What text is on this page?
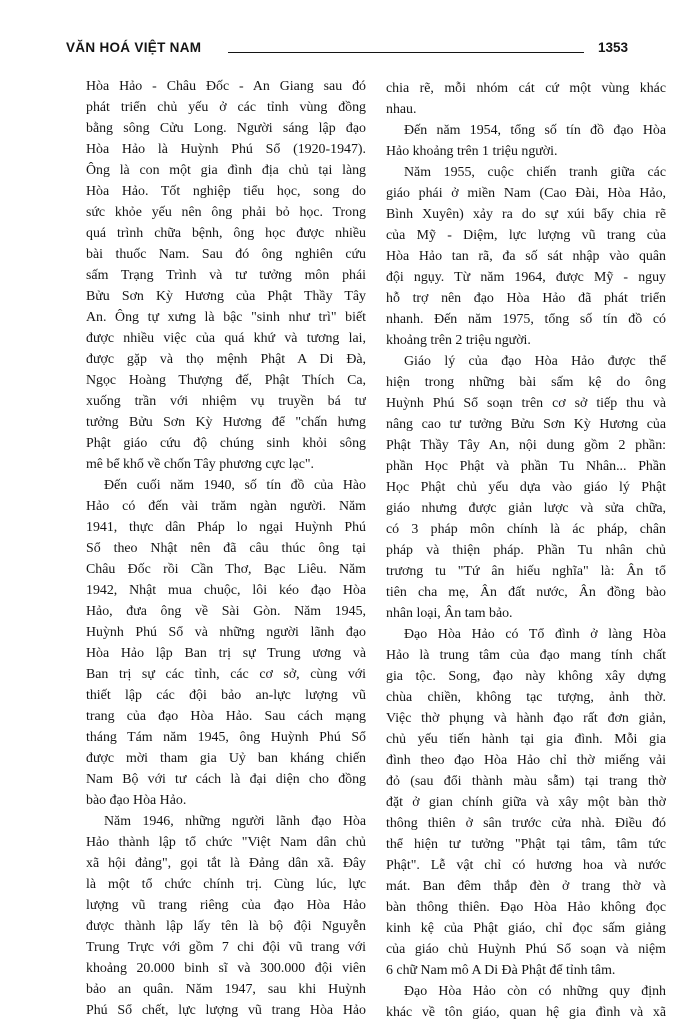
VĂN HOÁ VIỆT NAM	1353
Hòa Hảo - Châu Đốc - An Giang sau đó
phát triển chủ yếu ở các tỉnh vùng đồng
bằng sông Cửu Long. Người sáng lập đạo
Hòa Hảo là Huỳnh Phú Sổ (1920-1947).
Ông là con một gia đình địa chủ tại làng
Hòa Hảo. Tốt nghiệp tiểu học, song do
sức khỏe yếu nên ông phải bỏ học. Trong
quá trình chữa bệnh, ông học được nhiều
bài thuốc Nam. Sau đó ông nghiên cứu
sấm Trạng Trình và tư tưởng môn phái
Bửu Sơn Kỳ Hương của Phật Thầy Tây
An. Ông tự xưng là bậc "sinh như trì" biết
được nhiều việc của quá khứ và tương lai,
được gặp và thọ mệnh Phật A Di Đà,
Ngọc Hoàng Thượng đế, Phật Thích Ca,
xuống trần với nhiệm vụ truyền bá tư
tưởng Bửu Sơn Kỳ Hương để "chấn hưng
Phật giáo cứu độ chúng sinh khỏi sông
mê bể khổ về chốn Tây phương cực lạc".
Đến cuối năm 1940, số tín đồ của Hào
Hảo có đến vài trăm ngàn người. Năm
1941, thực dân Pháp lo ngại Huỳnh Phú
Sổ theo Nhật nên đã câu thúc ông tại
Châu Đốc rồi Cần Thơ, Bạc Liêu. Năm
1942, Nhật mua chuộc, lôi kéo đạo Hòa
Hảo, đưa ông về Sài Gòn. Năm 1945,
Huỳnh Phú Sổ và những người lãnh đạo
Hòa Hảo lập Ban trị sự Trung ương và
Ban trị sự các tỉnh, các cơ sở, cùng với
thiết lập các đội bảo an-lực lượng vũ
trang của đạo Hòa Hảo. Sau cách mạng
tháng Tám năm 1945, ông Huỳnh Phú Sổ
được mời tham gia Uỷ ban kháng chiến
Nam Bộ với tư cách là đại diện cho đồng
bào đạo Hòa Hảo.
Năm 1946, những người lãnh đạo Hòa
Hảo thành lập tổ chức "Việt Nam dân chủ
xã hội đảng", gọi tắt là Đảng dân xã. Đây
là một tổ chức chính trị. Cùng lúc, lực
lượng vũ trang riêng của đạo Hòa Hảo
được thành lập lấy tên là bộ đội Nguyễn
Trung Trực với gồm 7 chi đội vũ trang với
khoảng 20.000 binh sĩ và 300.000 đội viên
bảo an quân. Năm 1947, sau khi Huỳnh
Phú Sổ chết, lực lượng vũ trang Hòa Hảo
chia rẽ, mỗi nhóm cát cứ một vùng khác
nhau.
Đến năm 1954, tổng số tín đồ đạo Hòa
Hảo khoảng trên 1 triệu người.
Năm 1955, cuộc chiến tranh giữa các
giáo phái ở miền Nam (Cao Đài, Hòa Hảo,
Bình Xuyên) xảy ra do sự xúi bẩy chia rẽ
của Mỹ - Diệm, lực lượng vũ trang của
Hòa Hảo tan rã, đa số sát nhập vào quân
đội ngụy. Từ năm 1964, được Mỹ - nguy
hỗ trợ nên đạo Hòa Hảo đã phát triển
nhanh. Đến năm 1975, tổng số tín đồ có
khoảng trên 2 triệu người.
Giáo lý của đạo Hòa Hảo được thể
hiện trong những bài sấm kệ do ông
Huỳnh Phú Sổ soạn trên cơ sở tiếp thu và
nâng cao tư tưởng Bửu Sơn Kỳ Hương của
Phật Thầy Tây An, nội dung gồm 2 phần:
phần Học Phật và phần Tu Nhân... Phần
Học Phật chủ yếu dựa vào giáo lý Phật
giáo nhưng được giản lược và sửa chữa,
có 3 pháp môn chính là ác pháp, chân
pháp và thiện pháp. Phần Tu nhân chủ
trương tu "Tứ ân hiếu nghĩa" là: Ân tổ
tiên cha mẹ, Ân đất nước, Ân đồng bào
nhân loại, Ân tam bảo.
Đạo Hòa Hảo có Tổ đình ở làng Hòa
Hảo là trung tâm của đạo mang tính chất
gia tộc. Song, đạo này không xây dựng
chùa chiền, không tạc tượng, ảnh thờ.
Việc thờ phụng và hành đạo rất đơn giản,
chủ yếu tiến hành tại gia đình. Mỗi gia
đình theo đạo Hòa Hảo chỉ thờ miếng vải
đỏ (sau đổi thành màu sẫm) tại trang thờ
đặt ở gian chính giữa và xây một bàn thờ
thông thiên ở sân trước cửa nhà. Điều đó
thể hiện tư tưởng "Phật tại tâm, tâm tức
Phật". Lễ vật chỉ có hương hoa và nước
mát. Ban đêm thắp đèn ở trang thờ và
bàn thông thiên. Đạo Hòa Hảo không đọc
kinh kệ của Phật giáo, chỉ đọc sấm giảng
của giáo chủ Huỳnh Phú Sổ soạn và niệm
6 chữ Nam mô A Di Đà Phật để tỉnh tâm.
Đạo Hòa Hảo còn có những quy định
khác về tôn giáo, quan hệ gia đình và xã
